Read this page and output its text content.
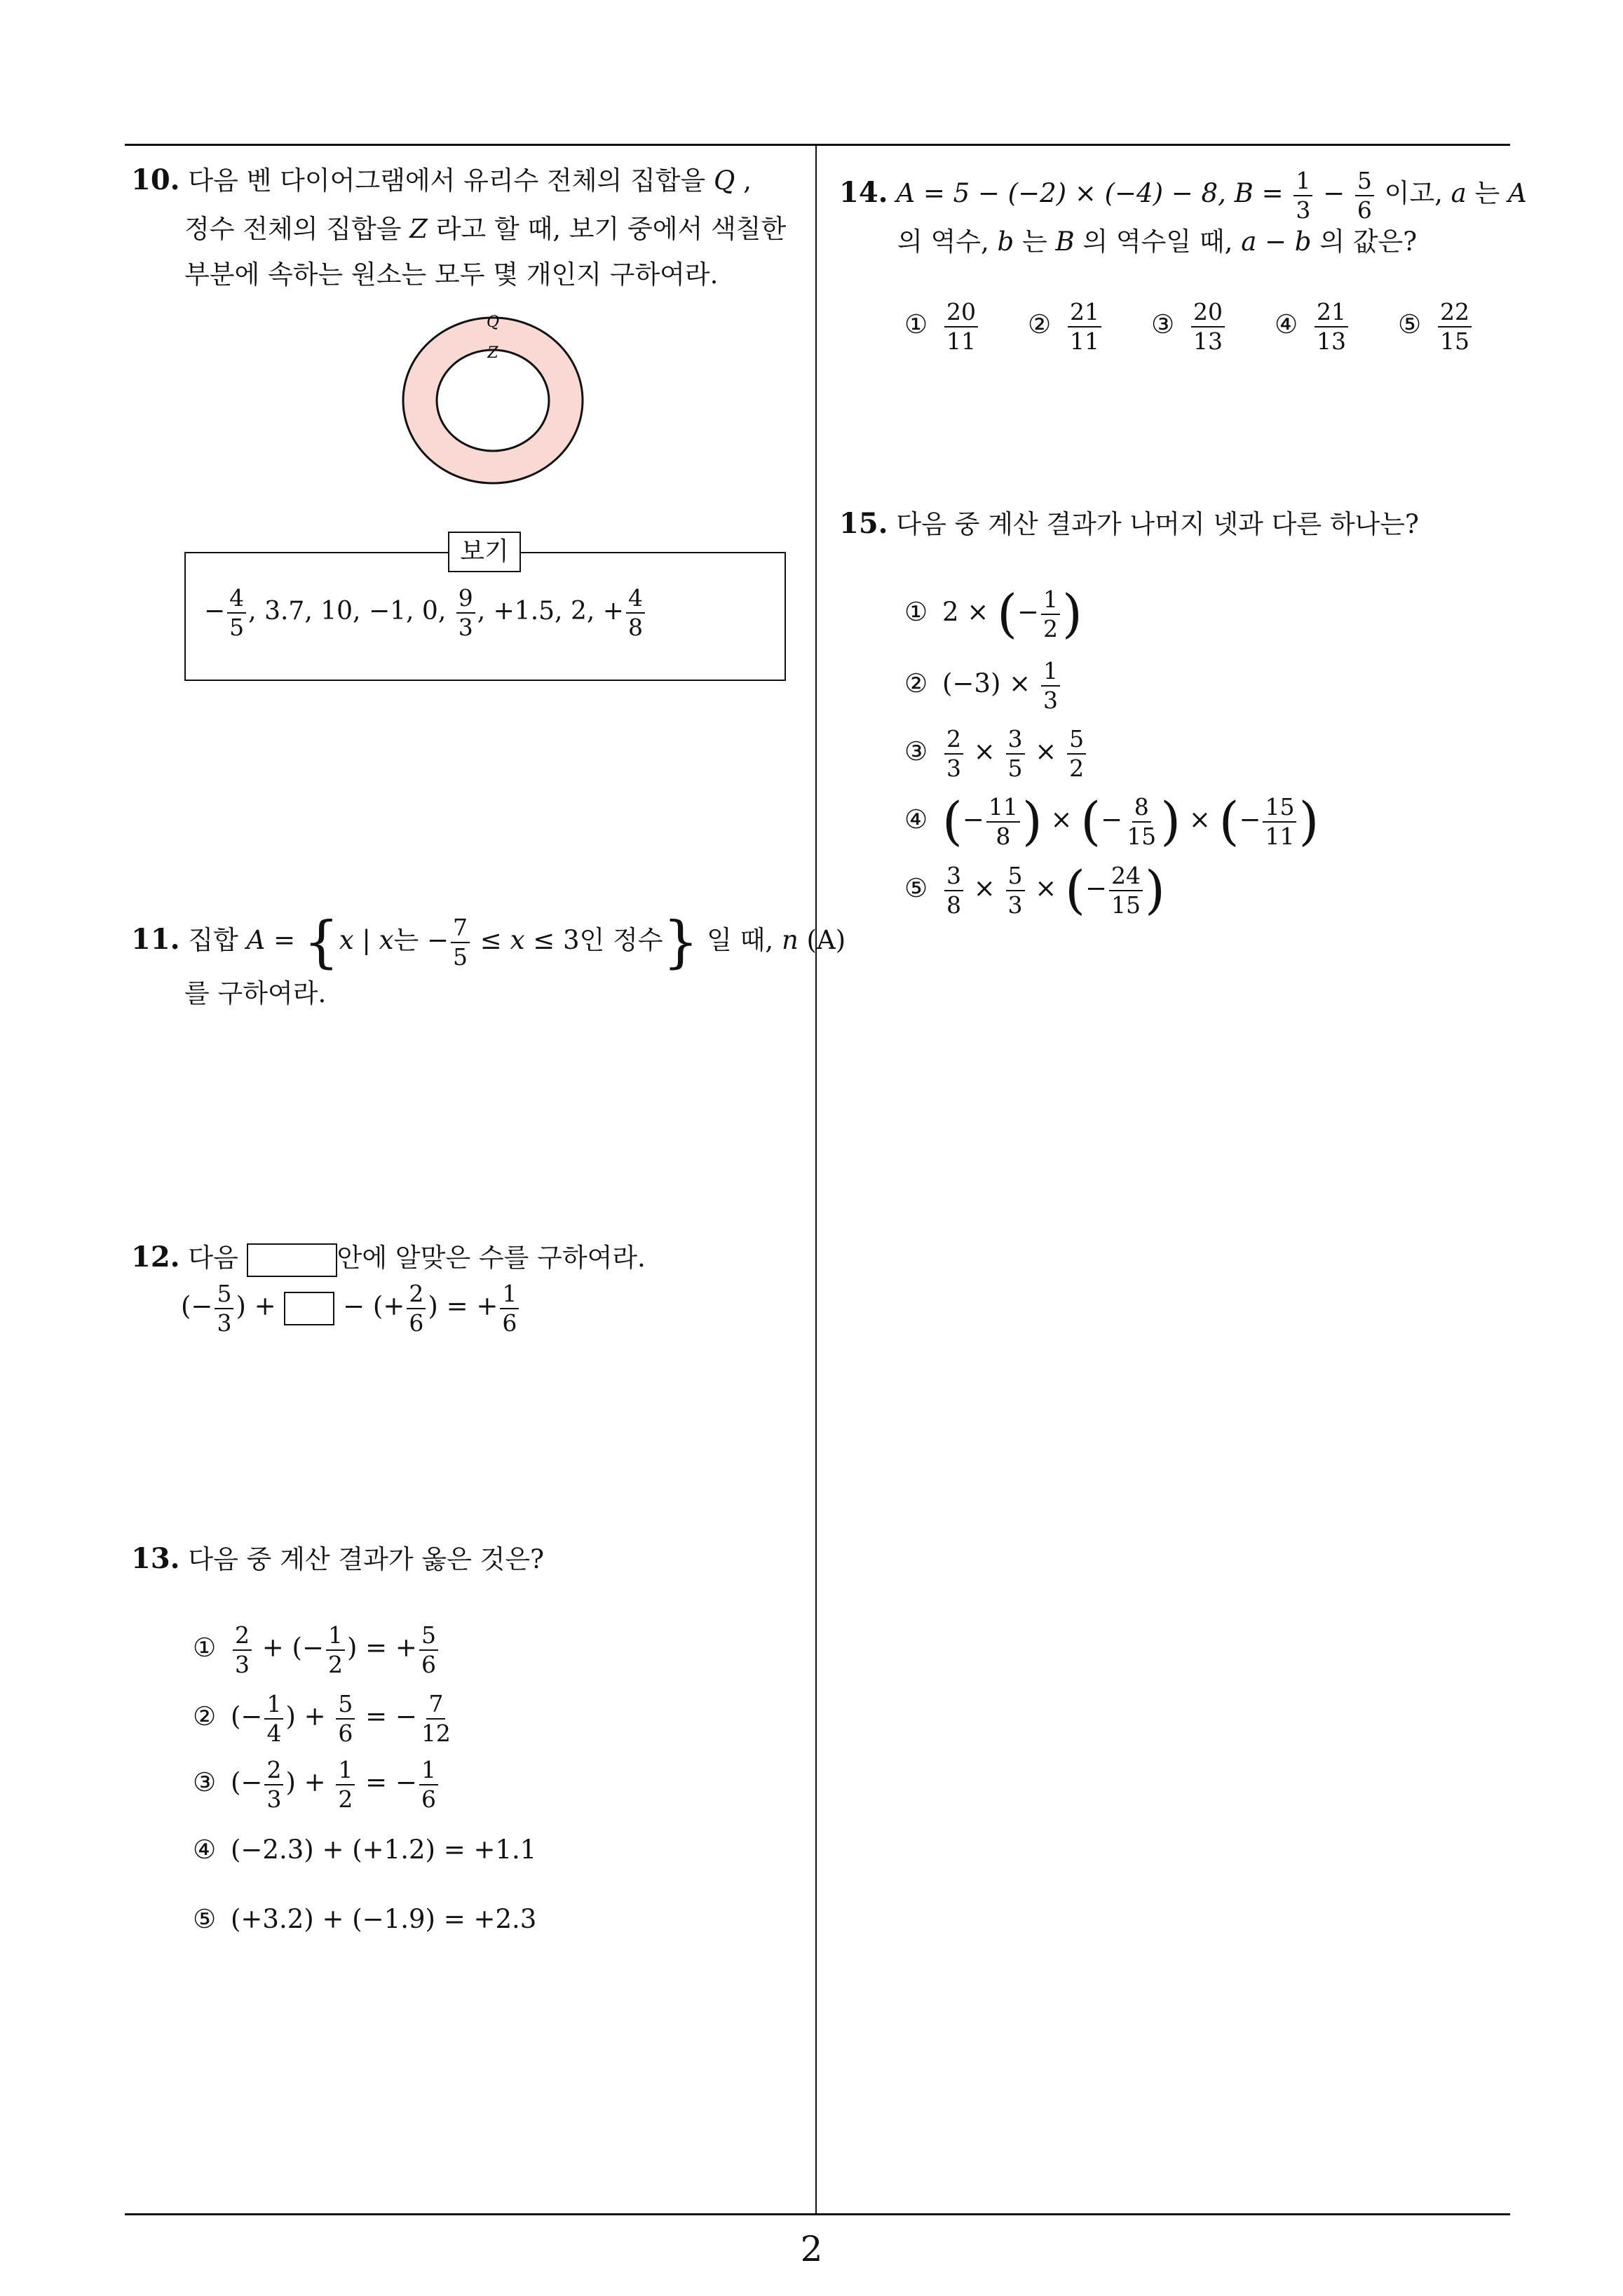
10. 다음 벤 다이어그램에서 유리수 전체의 집합을 Q ,
정수 전체의 집합을 Z 라고 할 때, 보기 중에서 색칠한
부분에 속하는 원소는 모두 몇 개인지 구하여라.
Q
Z
− $\frac{4}{5}$ , 3.7, 10, −1, 0, $\frac{9}{3}$ , +1.5, 2, + $\frac{4}{8}$
보기
11. 집합 A = {x | x는 − $\frac{7}{5} \le x \le 3$인 정수} 일 때, n (A)
를 구하여라.
12. 다음	안에 알맞은 수를 구하여라.
(− $\frac{5}{3}$ ) +  − (+ $\frac{2}{6}$ ) = + $\frac{1}{6}$
13. 다음 중 계산 결과가 옳은 것은?
① $\frac{2}{3}$ + (− $\frac{1}{2}$ ) = + $\frac{5}{6}$
② (− $\frac{1}{4}$ ) + $\frac{5}{6}$ = − $\frac{7}{12}$
③ (− $\frac{2}{3}$ ) + $\frac{1}{2}$ = − $\frac{1}{6}$
④ (−2.3) + (+1.2) = +1.1
⑤ (+3.2) + (−1.9) = +2.3
14. A = 5 − (−2) × (−4) − 8, $B = \frac{1}{3} - \frac{5}{6}$ 이고, a 는 A
의 역수, b 는 B 의 역수일 때, a − b 의 값은?
① $\frac{20}{11}$ ② $\frac{21}{11}$ ③ $\frac{20}{13}$ ④ $\frac{21}{13}$ ⑤ $\frac{22}{15}$
15. 다음 중 계산 결과가 나머지 넷과 다른 하나는?
① 2 × (− $\frac{1}{2}$ )
② $(-3) \times \frac{1}{3}$
③ $\frac{2}{3} \times \frac{3}{5} \times \frac{5}{2}$
④ (− $\frac{11}{8}$ ) × (− $\frac{8}{15}$ ) × (− $\frac{15}{11}$ )
⑤ $\frac{3}{8} \times \frac{5}{3}$ × (− $\frac{24}{15}$ )
2
